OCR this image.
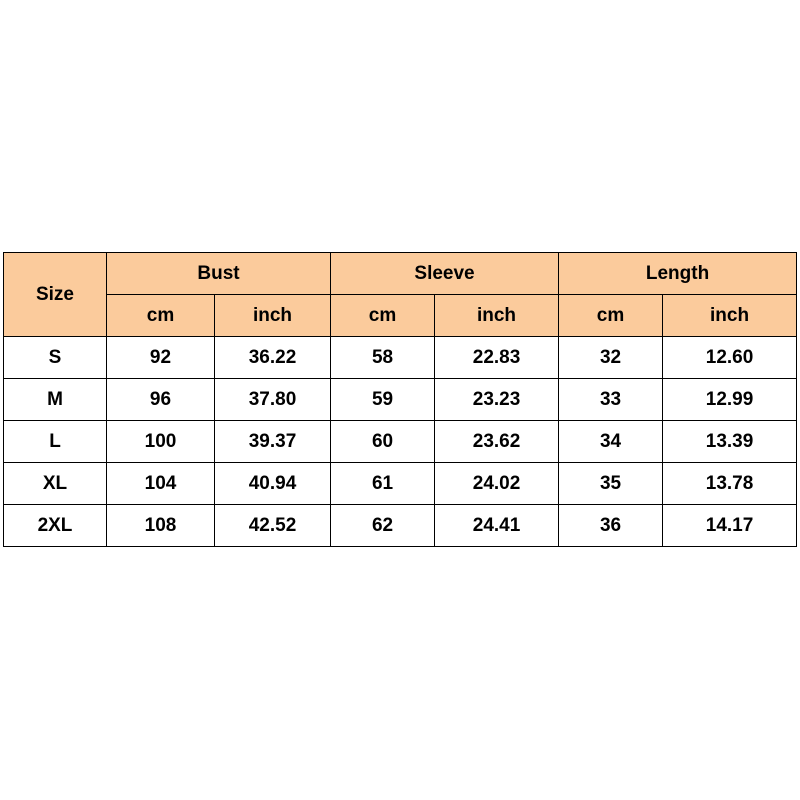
Size	Bust		Sleeve		Length	
	cm	inch	cm	inch	cm	inch
S	92	36.22	58	22.83	32	12.60
M	96	37.80	59	23.23	33	12.99
L	100	39.37	60	23.62	34	13.39
XL	104	40.94	61	24.02	35	13.78
2XL	108	42.52	62	24.41	36	14.17
